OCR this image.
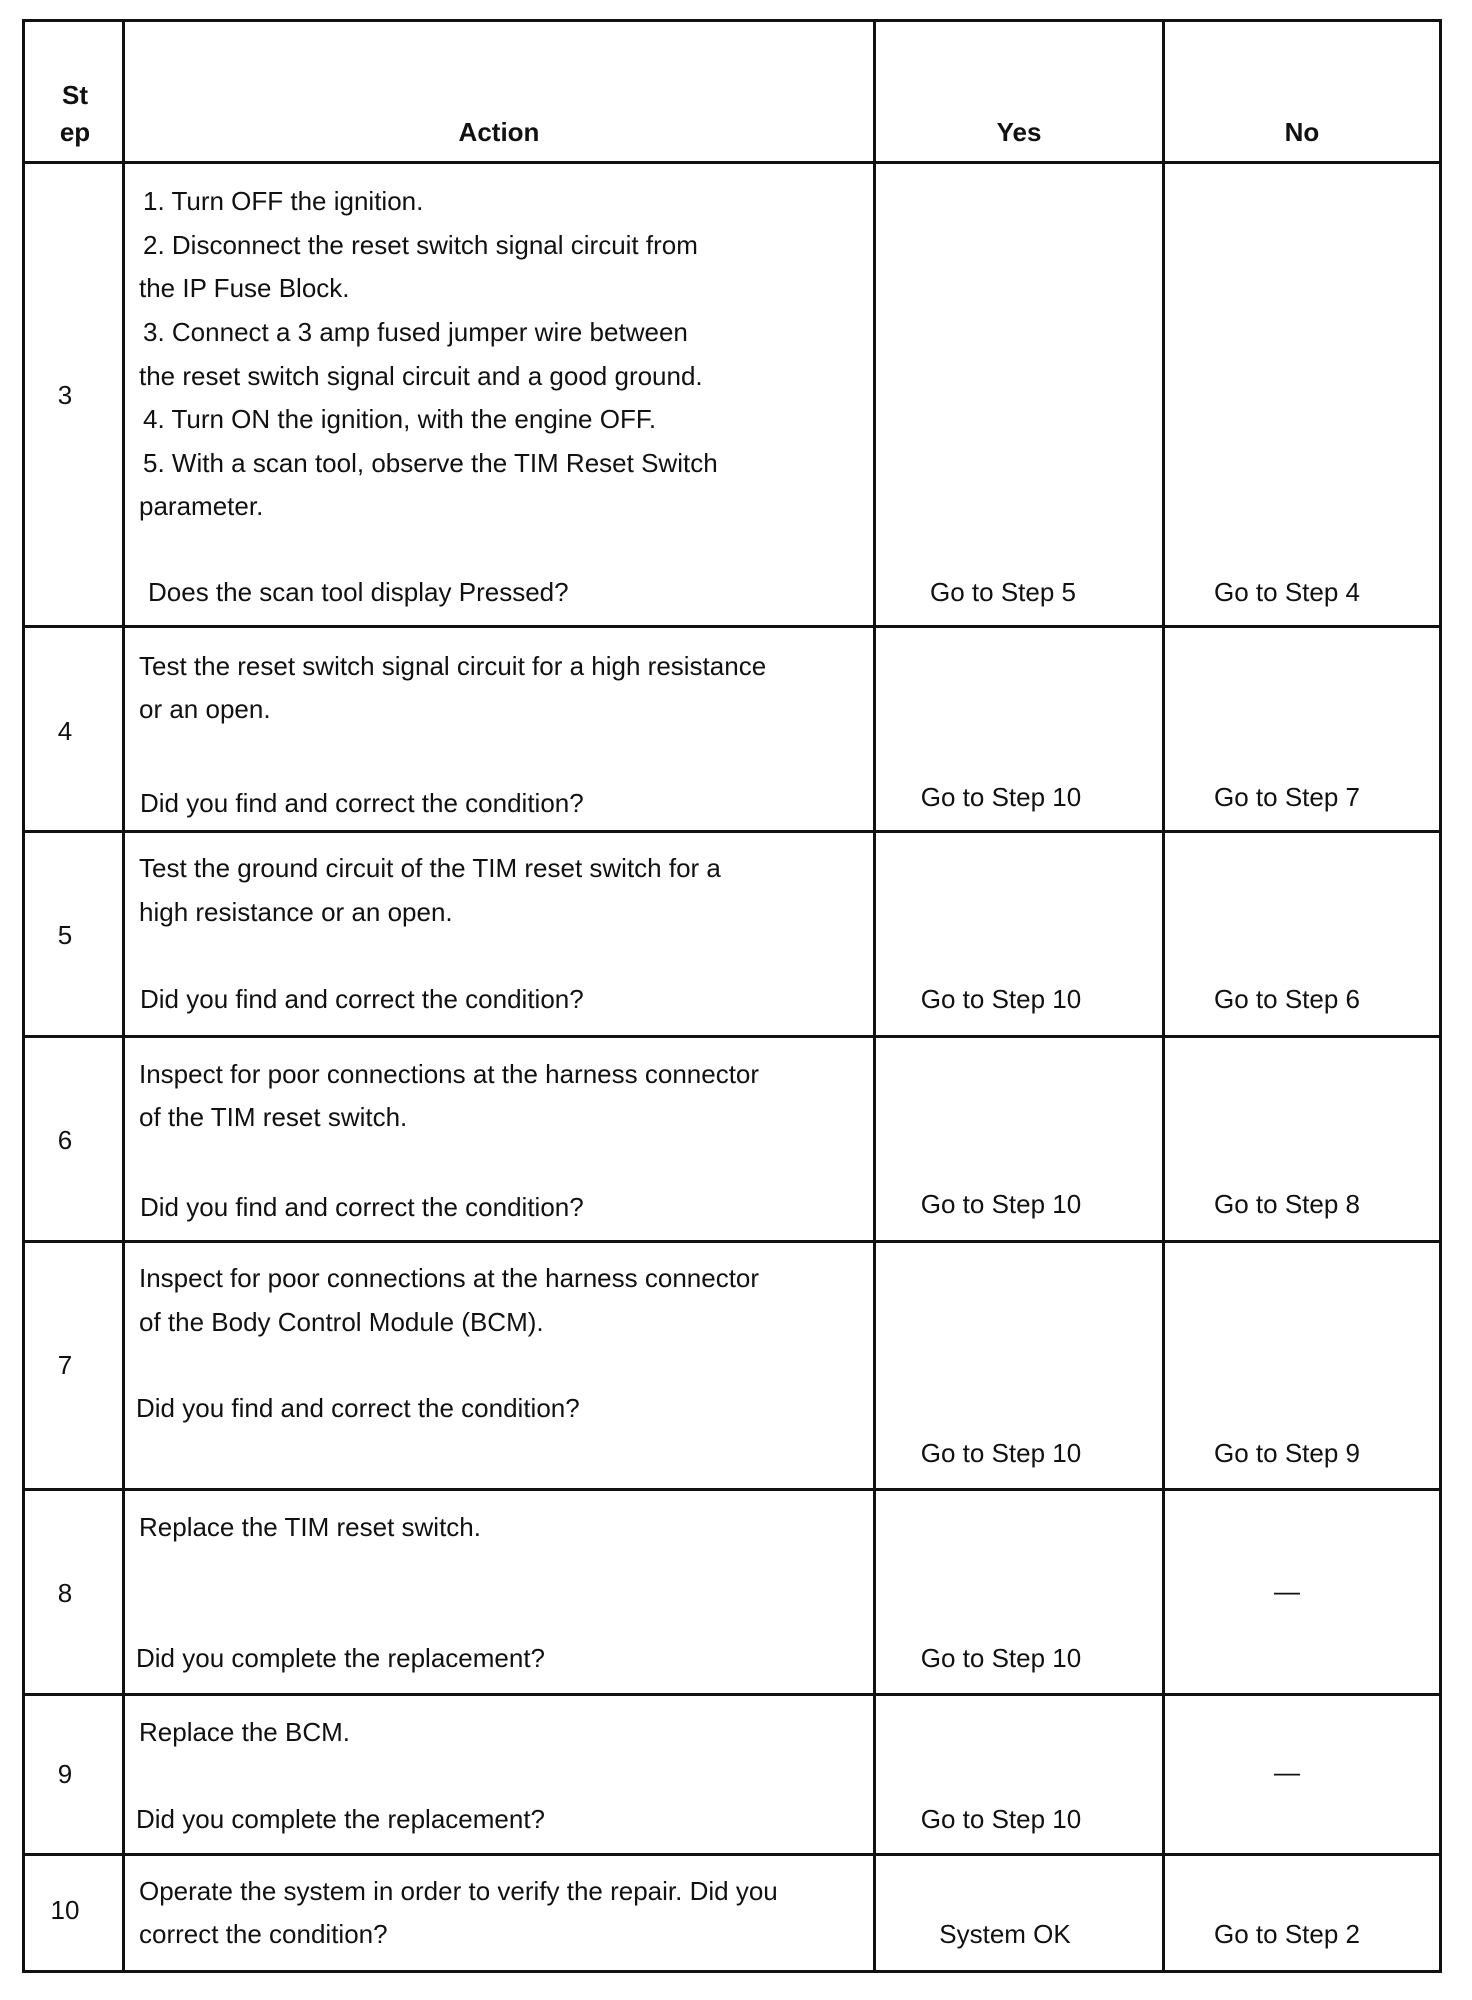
St
ep	Action	Yes	No
3
1. Turn OFF the ignition.
2. Disconnect the reset switch signal circuit from
the IP Fuse Block.
3. Connect a 3 amp fused jumper wire between
the reset switch signal circuit and a good ground.
4. Turn ON the ignition, with the engine OFF.
5. With a scan tool, observe the TIM Reset Switch
parameter.
Does the scan tool display Pressed?	Go to Step 5	Go to Step 4
4
Test the reset switch signal circuit for a high resistance
or an open.
Did you find and correct the condition?	Go to Step 10	Go to Step 7
5
Test the ground circuit of the TIM reset switch for a
high resistance or an open.
Did you find and correct the condition?	Go to Step 10	Go to Step 6
6
Inspect for poor connections at the harness connector
of the TIM reset switch.
Did you find and correct the condition?	Go to Step 10	Go to Step 8
7
Inspect for poor connections at the harness connector
of the Body Control Module (BCM).
Did you find and correct the condition?
Go to Step 10	Go to Step 9
8
Replace the TIM reset switch.
Did you complete the replacement?	Go to Step 10
—
9
Replace the BCM.
Did you complete the replacement?	Go to Step 10
—
10
Operate the system in order to verify the repair. Did you
correct the condition?	System OK	Go to Step 2
